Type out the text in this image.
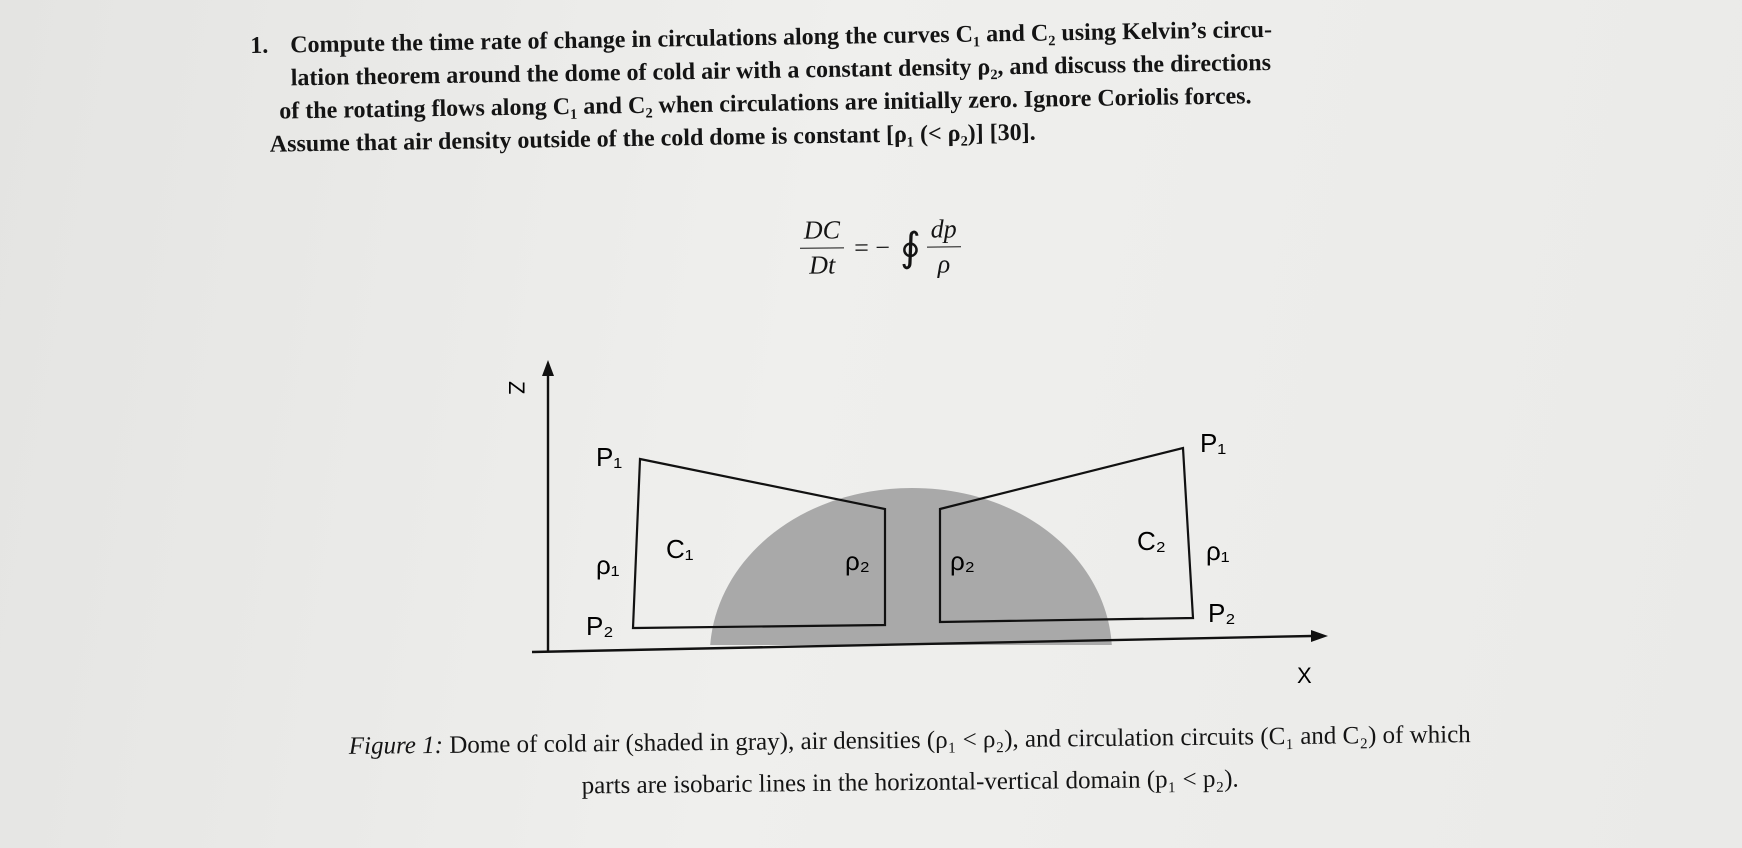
1. Compute the time rate of change in circulations along the curves C₁ and C₂ using Kelvin’s circu-
lation theorem around the dome of cold air with a constant density ρ₂, and discuss the directions
of the rotating flows along C₁ and C₂ when circulations are initially zero. Ignore Coriolis forces.
Assume that air density outside of the cold dome is constant [ρ₁ (< ρ₂)] [30].
$\frac{DC}{Dt}$ = − ∮ $\frac{dp}{\rho}$
Z
X
P₁
ρ₁
P₂
C₁	ρ₂	ρ₂
C₂
P₁
ρ₁
P₂
Figure 1: Dome of cold air (shaded in gray), air densities (ρ₁ < ρ₂), and circulation circuits (C₁ and C₂) of which
parts are isobaric lines in the horizontal-vertical domain (p₁ < p₂).
